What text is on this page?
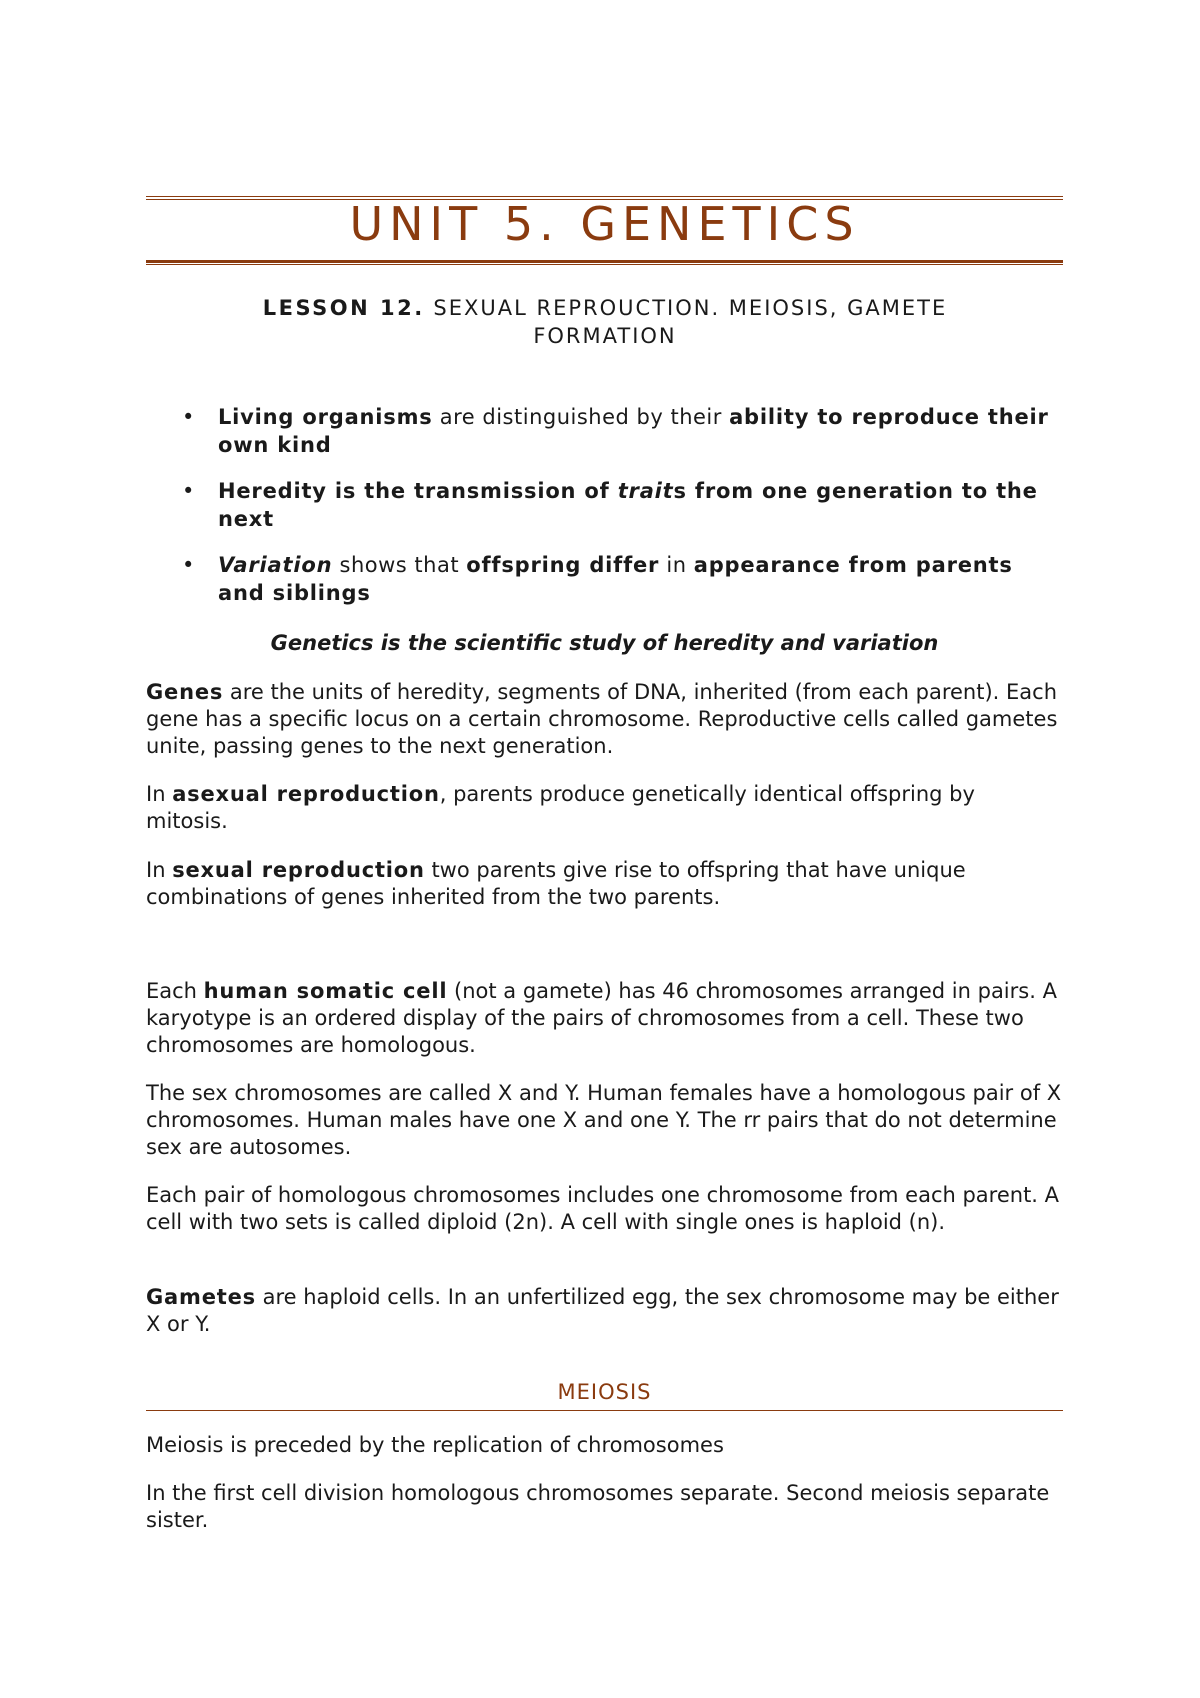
UNIT 5. GENETICS
LESSON 12. SEXUAL REPROUCTION. MEIOSIS, GAMETE
FORMATION
• Living organisms are distinguished by their ability to reproduce their own kind
• Heredity is the transmission of traits from one generation to the next
• Variation shows that offspring differ in appearance from parents and siblings
Genetics is the scientific study of heredity and variation

Genes are the units of heredity, segments of DNA, inherited (from each parent). Each gene has a specific locus on a certain chromosome. Reproductive cells called gametes unite, passing genes to the next generation.

In asexual reproduction, parents produce genetically identical offspring by mitosis.

In sexual reproduction two parents give rise to offspring that have unique combinations of genes inherited from the two parents.

Each human somatic cell (not a gamete) has 46 chromosomes arranged in pairs. A karyotype is an ordered display of the pairs of chromosomes from a cell. These two chromosomes are homologous.

The sex chromosomes are called X and Y. Human females have a homologous pair of X chromosomes. Human males have one X and one Y. The rr pairs that do not determine sex are autosomes.

Each pair of homologous chromosomes includes one chromosome from each parent. A cell with two sets is called diploid (2n). A cell with single ones is haploid (n).

Gametes are haploid cells. In an unfertilized egg, the sex chromosome may be either X or Y.

MEIOSIS

Meiosis is preceded by the replication of chromosomes

In the first cell division homologous chromosomes separate. Second meiosis separate sister.
